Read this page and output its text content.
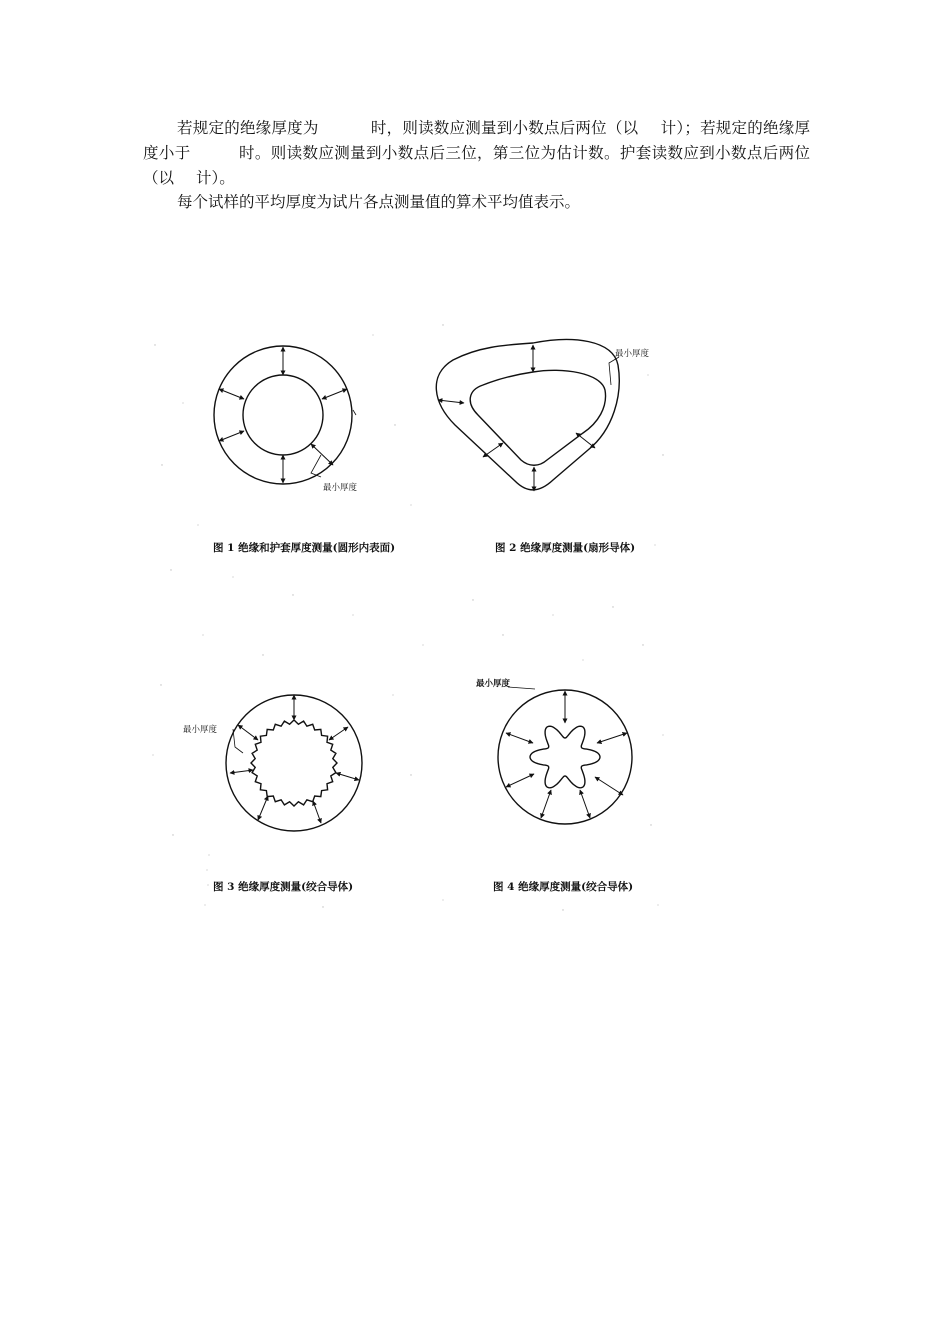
若规定的绝缘厚度为	时，则读数应测量到小数点后两位（以 计）；若规定的绝缘厚度小于	时。则读数应测量到小数点后三位，第三位为估计数。护套读数应到小数点后两位（以 计）。

每个试样的平均厚度为试片各点测量值的算术平均值表示。

最小厚度
图 1 绝缘和护套厚度测量(圆形内表面)
最小厚度
图 2 绝缘厚度测量(扇形导体)
最小厚度
图 3 绝缘厚度测量(绞合导体)
最小厚度
图 4 绝缘厚度测量(绞合导体)
